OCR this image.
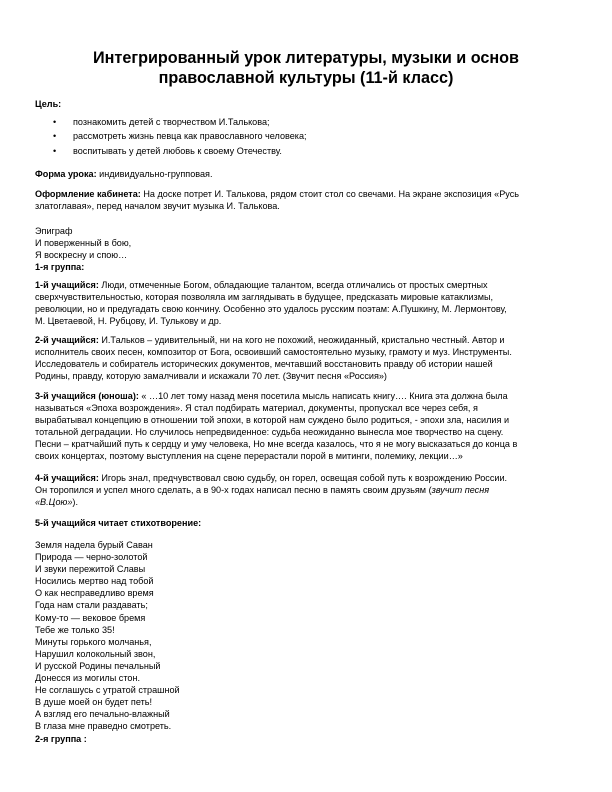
Интегрированный урок литературы, музыки и основ
православной культуры (11-й класс)
Цель:
• познакомить детей с творчеством И.Талькова;
• рассмотреть жизнь певца как православного человека;
• воспитывать у детей любовь к своему Отечеству.
Форма урока: индивидуально-групповая.
Оформление кабинета: На доске потрет И. Талькова, рядом стоит стол со свечами. На экране экспозиция «Русь
златоглавая», перед началом звучит музыка И. Талькова.
Эпиграф
И поверженный в бою,
Я воскресну и спою…
1-я группа:
1-й учащийся: Люди, отмеченные Богом, обладающие талантом, всегда отличались от простых смертных
сверхчувствительностью, которая позволяла им заглядывать в будущее, предсказать мировые катаклизмы,
революции, но и предугадать свою кончину. Особенно это удалось русским поэтам: А.Пушкину, М. Лермонтову,
М. Цветаевой, Н. Рубцову, И. Тулькову и др.
2-й учащийся: И.Тальков – удивительный, ни на кого не похожий, неожиданный, кристально честный. Автор и
исполнитель своих песен, композитор от Бога, освоивший самостоятельно музыку, грамоту и муз. Инструменты.
Исследователь и собиратель исторических документов, мечтавший восстановить правду об истории нашей
Родины, правду, которую замалчивали и искажали 70 лет. (Звучит песня «Россия»)
3-й учащийся (юноша): « …10 лет тому назад меня посетила мысль написать книгу…. Книга эта должна была
называться «Эпоха возрождения». Я стал подбирать материал, документы, пропускал все через себя, я
вырабатывал концепцию в отношении той эпохи, в которой нам суждено было родиться, - эпохи зла, насилия и
тотальной деградации. Но случилось непредвиденное: судьба неожиданно вынесла мое творчество на сцену.
Песни – кратчайший путь к сердцу и уму человека, Но мне всегда казалось, что я не могу высказаться до конца в
своих концертах, поэтому выступления на сцене перерастали порой в митинги, полемику, лекции…»
4-й учащийся: Игорь знал, предчувствовал свою судьбу, он горел, освещая собой путь к возрождению России.
Он торопился и успел много сделать, а в 90-х годах написал песню в память своим друзьям (звучит песня
«В.Цою»).
5-й учащийся читает стихотворение:
Земля надела бурый Саван
Природа — черно-золотой
И звуки пережитой Славы
Носились мертво над тобой
О как несправедливо время
Года нам стали раздавать;
Кому-то — вековое бремя
Тебе же только 35!
Минуты горького молчанья,
Нарушил колокольный звон,
И русской Родины печальный
Донесся из могилы стон.
Не соглашусь с утратой страшной
В душе моей он будет петь!
А взгляд его печально-влажный
В глаза мне праведно смотреть.
2-я группа :
